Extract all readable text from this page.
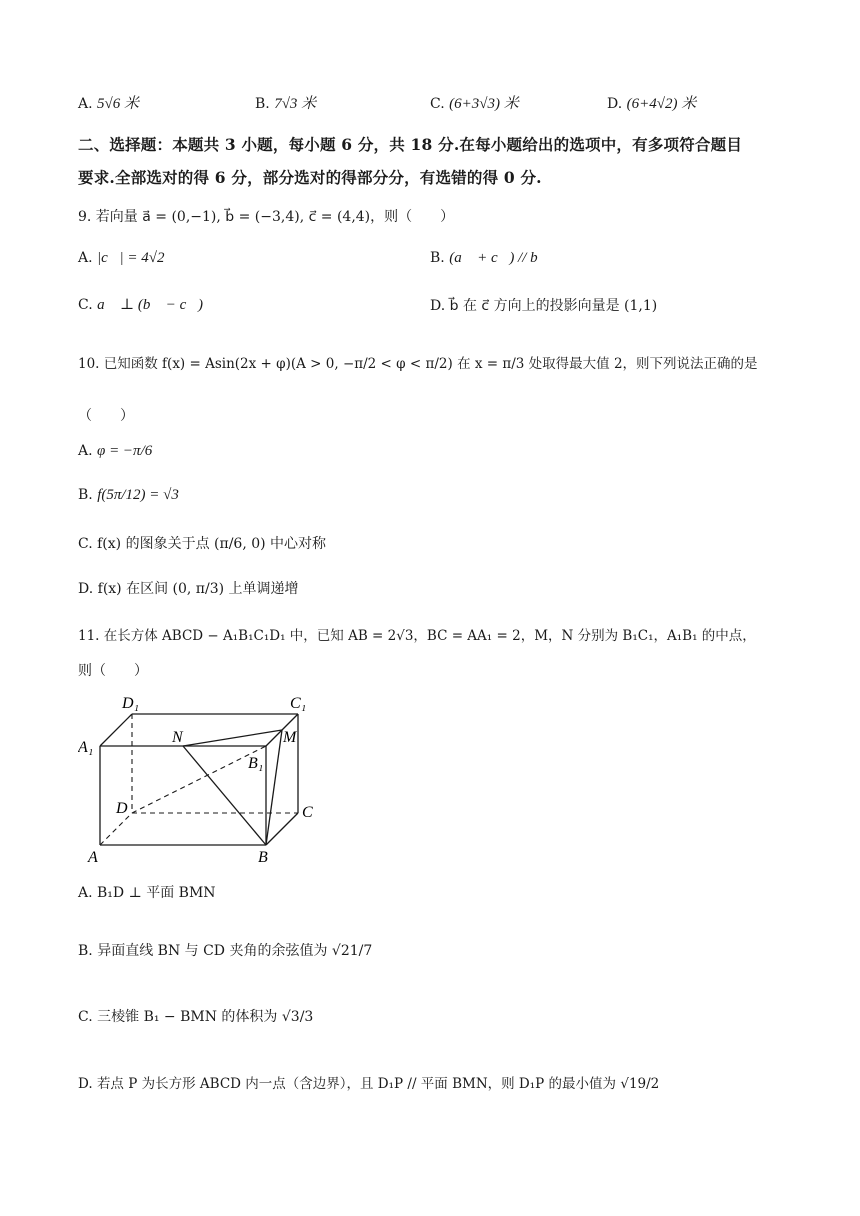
A. 5√6 米	B. 7√3 米	C. (6+3√3) 米	D. (6+4√2) 米
二、选择题：本题共 3 小题，每小题 6 分，共 18 分.在每小题给出的选项中，有多项符合题目
要求.全部选对的得 6 分，部分选对的得部分分，有选错的得 0 分.
9. 若向量 a⃗ = (0,−1), b⃗ = (−3,4), c⃗ = (4,4)，则（　　）
A. |c⃗| = 4√2	B. (a⃗ + c⃗) // b⃗
C. a⃗ ⊥ (b⃗ − c⃗)	D. b⃗ 在 c⃗ 方向上的投影向量是 (1,1)
10. 已知函数 f(x) = Asin(2x + φ)(A > 0, −π/2 < φ < π/2) 在 x = π/3 处取得最大值 2，则下列说法正确的是
（　　）
A. φ = −π/6
B. f(5π/12) = √3
C. f(x) 的图象关于点 (π/6, 0) 中心对称
D. f(x) 在区间 (0, π/3) 上单调递增
11. 在长方体 ABCD − A₁B₁C₁D₁ 中，已知 AB = 2√3，BC = AA₁ = 2，M，N 分别为 B₁C₁，A₁B₁ 的中点，
则（　　）
D₁	C₁
A₁
N	M
B₁
D	C
A	B
A. B₁D ⊥ 平面 BMN
B. 异面直线 BN 与 CD 夹角的余弦值为 √21/7
C. 三棱锥 B₁ − BMN 的体积为 √3/3
D. 若点 P 为长方形 ABCD 内一点（含边界），且 D₁P // 平面 BMN，则 D₁P 的最小值为 √19/2
